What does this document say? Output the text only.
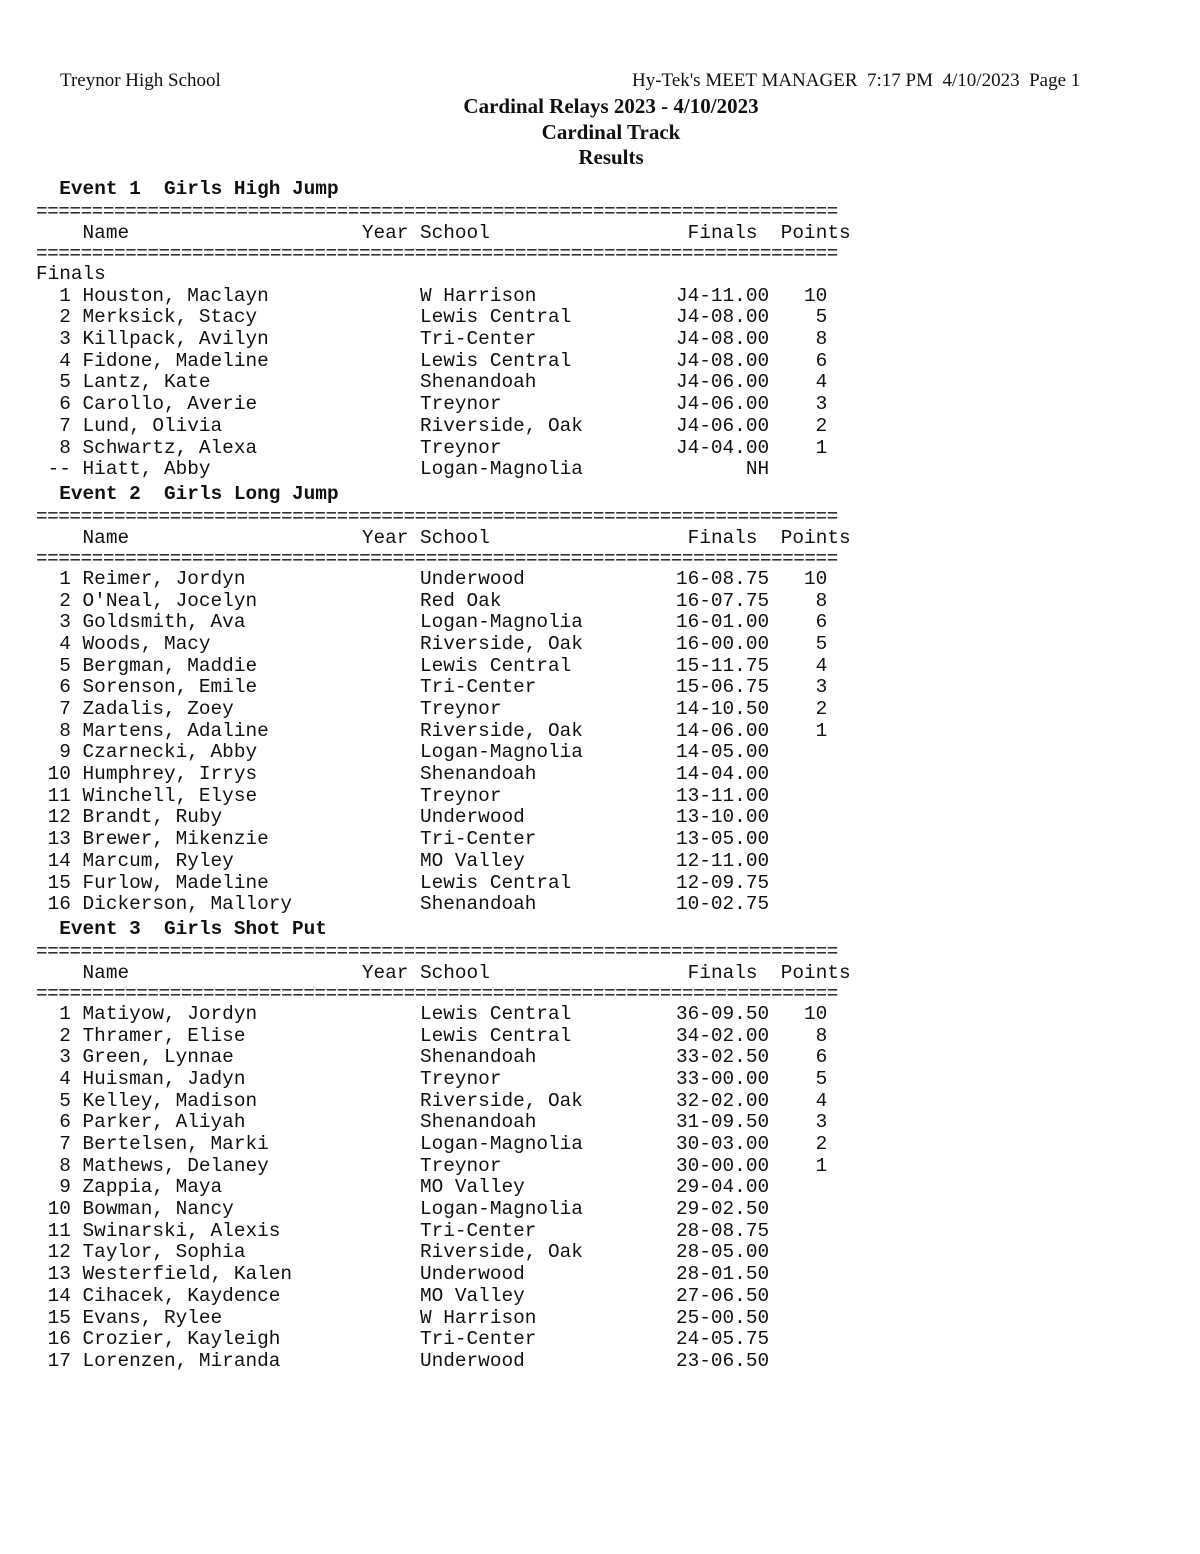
Treynor High School	Hy-Tek's MEET MANAGER 7:17 PM 4/10/2023 Page 1
Cardinal Relays 2023 - 4/10/2023
Cardinal Track
Results
Event 1 Girls High Jump
========================================================================
Name                    Year School	Finals Points
========================================================================
Finals
1 Houston, Maclayn             W Harrison            J4-11.00   10
2 Merksick, Stacy              Lewis Central         J4-08.00    5
3 Killpack, Avilyn             Tri-Center            J4-08.00    8
4 Fidone, Madeline             Lewis Central         J4-08.00    6
5 Lantz, Kate                  Shenandoah            J4-06.00    4
6 Carollo, Averie              Treynor               J4-06.00    3
7 Lund, Olivia                 Riverside, Oak        J4-06.00    2
8 Schwartz, Alexa              Treynor               J4-04.00    1
-- Hiatt, Abby                  Logan-Magnolia              NH
Event 2 Girls Long Jump
========================================================================
Name                    Year School	Finals Points
========================================================================
1 Reimer, Jordyn               Underwood             16-08.75   10
2 O'Neal, Jocelyn              Red Oak               16-07.75    8
3 Goldsmith, Ava               Logan-Magnolia        16-01.00    6
4 Woods, Macy                  Riverside, Oak        16-00.00    5
5 Bergman, Maddie              Lewis Central         15-11.75    4
6 Sorenson, Emile              Tri-Center            15-06.75    3
7 Zadalis, Zoey                Treynor               14-10.50    2
8 Martens, Adaline             Riverside, Oak        14-06.00    1
9 Czarnecki, Abby              Logan-Magnolia        14-05.00
10 Humphrey, Irrys              Shenandoah            14-04.00
11 Winchell, Elyse              Treynor               13-11.00
12 Brandt, Ruby                 Underwood             13-10.00
13 Brewer, Mikenzie             Tri-Center            13-05.00
14 Marcum, Ryley                MO Valley             12-11.00
15 Furlow, Madeline             Lewis Central         12-09.75
16 Dickerson, Mallory           Shenandoah            10-02.75
Event 3 Girls Shot Put
========================================================================
Name                    Year School	Finals Points
========================================================================
1 Matiyow, Jordyn              Lewis Central         36-09.50   10
2 Thramer, Elise               Lewis Central         34-02.00    8
3 Green, Lynnae                Shenandoah            33-02.50    6
4 Huisman, Jadyn               Treynor               33-00.00    5
5 Kelley, Madison              Riverside, Oak        32-02.00    4
6 Parker, Aliyah               Shenandoah            31-09.50    3
7 Bertelsen, Marki             Logan-Magnolia        30-03.00    2
8 Mathews, Delaney             Treynor               30-00.00    1
9 Zappia, Maya                 MO Valley             29-04.00
10 Bowman, Nancy                Logan-Magnolia        29-02.50
11 Swinarski, Alexis            Tri-Center            28-08.75
12 Taylor, Sophia               Riverside, Oak        28-05.00
13 Westerfield, Kalen           Underwood             28-01.50
14 Cihacek, Kaydence            MO Valley             27-06.50
15 Evans, Rylee                 W Harrison            25-00.50
16 Crozier, Kayleigh            Tri-Center            24-05.75
17 Lorenzen, Miranda            Underwood             23-06.50
